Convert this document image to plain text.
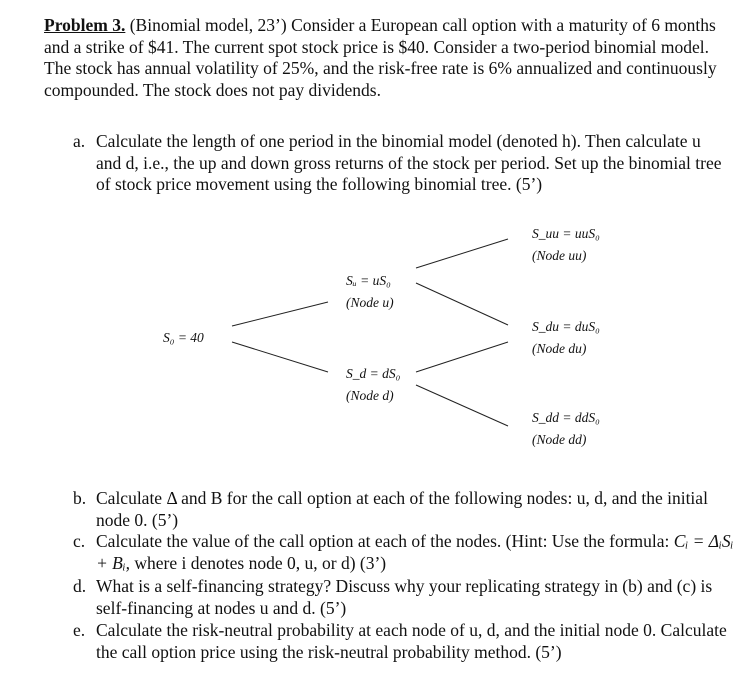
Problem 3. (Binomial model, 23’) Consider a European call option with a maturity of 6 months and a strike of $41. The current spot stock price is $40. Consider a two-period binomial model. The stock has annual volatility of 25%, and the risk-free rate is 6% annualized and continuously compounded. The stock does not pay dividends.

a. Calculate the length of one period in the binomial model (denoted h). Then calculate u and d, i.e., the up and down gross returns of the stock per period. Set up the binomial tree of stock price movement using the following binomial tree. (5’)

S₀ = 40
Sᵤ = uS₀
(Node u)
S_d = dS₀
(Node d)
S_uu = uuS₀
(Node uu)
S_du = duS₀
(Node du)
S_dd = ddS₀
(Node dd)
b. Calculate Δ and B for the call option at each of the following nodes: u, d, and the initial node 0. (5’)
c. Calculate the value of the call option at each of the nodes. (Hint: Use the formula: Cᵢ = ΔᵢSᵢ + Bᵢ, where i denotes node 0, u, or d) (3’)
d. What is a self-financing strategy? Discuss why your replicating strategy in (b) and (c) is self-financing at nodes u and d. (5’)
e. Calculate the risk-neutral probability at each node of u, d, and the initial node 0. Calculate the call option price using the risk-neutral probability method. (5’)
